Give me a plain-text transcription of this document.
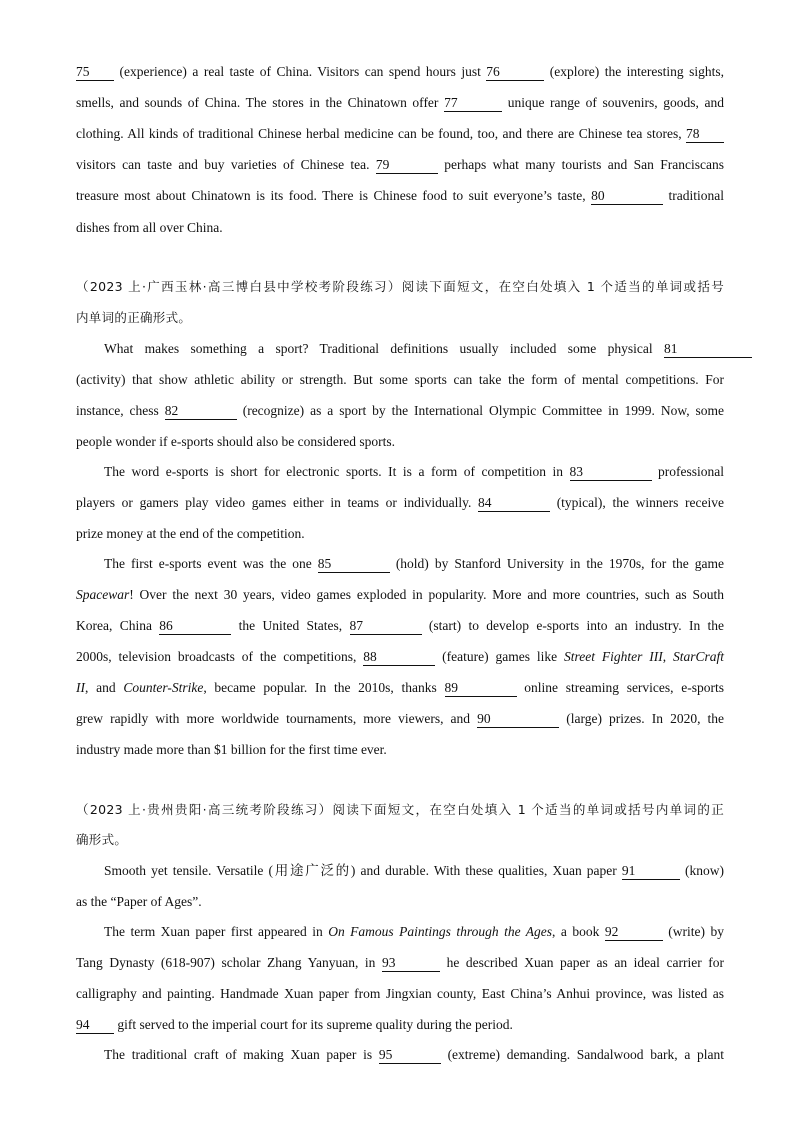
75 (experience) a real taste of China. Visitors can spend hours just 76	(explore) the interesting sights,
smells, and sounds of China. The stores in the Chinatown offer 77	unique range of souvenirs, goods, and
clothing. All kinds of traditional Chinese herbal medicine can be found, too, and there are Chinese tea stores, 78
visitors can taste and buy varieties of Chinese tea. 79	perhaps what many tourists and San Franciscans
treasure most about Chinatown is its food. There is Chinese food to suit everyone’s taste, 80	traditional
dishes from all over China.
（2023 上·广西玉林·高三博白县中学校考阶段练习）阅读下面短文，在空白处填入 1 个适当的单词或括号
内单词的正确形式。
What makes something a sport? Traditional definitions usually included some physical 81
(activity) that show athletic ability or strength. But some sports can take the form of mental competitions. For
instance, chess 82	(recognize) as a sport by the International Olympic Committee in 1999. Now, some
people wonder if e-sports should also be considered sports.
The word e-sports is short for electronic sports. It is a form of competition in 83	professional
players or gamers play video games either in teams or individually. 84	(typical), the winners receive
prize money at the end of the competition.
The first e-sports event was the one 85	(hold) by Stanford University in the 1970s, for the game
Spacewar! Over the next 30 years, video games exploded in popularity. More and more countries, such as South
Korea, China 86	the United States, 87	(start) to develop e-sports into an industry. In the
2000s, television broadcasts of the competitions, 88	(feature) games like Street Fighter III, StarCraft
II, and Counter-Strike, became popular. In the 2010s, thanks 89	online streaming services, e-sports
grew rapidly with more worldwide tournaments, more viewers, and 90	(large) prizes. In 2020, the
industry made more than $1 billion for the first time ever.
（2023 上·贵州贵阳·高三统考阶段练习）阅读下面短文，在空白处填入 1 个适当的单词或括号内单词的正
确形式。
Smooth yet tensile. Versatile (用途广泛的) and durable. With these qualities, Xuan paper 91	(know)
as the “Paper of Ages”.
The term Xuan paper first appeared in On Famous Paintings through the Ages, a book 92	(write) by
Tang Dynasty (618-907) scholar Zhang Yanyuan, in 93	he described Xuan paper as an ideal carrier for
calligraphy and painting. Handmade Xuan paper from Jingxian county, East China’s Anhui province, was listed as
94 gift served to the imperial court for its supreme quality during the period.
The traditional craft of making Xuan paper is 95	(extreme) demanding. Sandalwood bark, a plant
